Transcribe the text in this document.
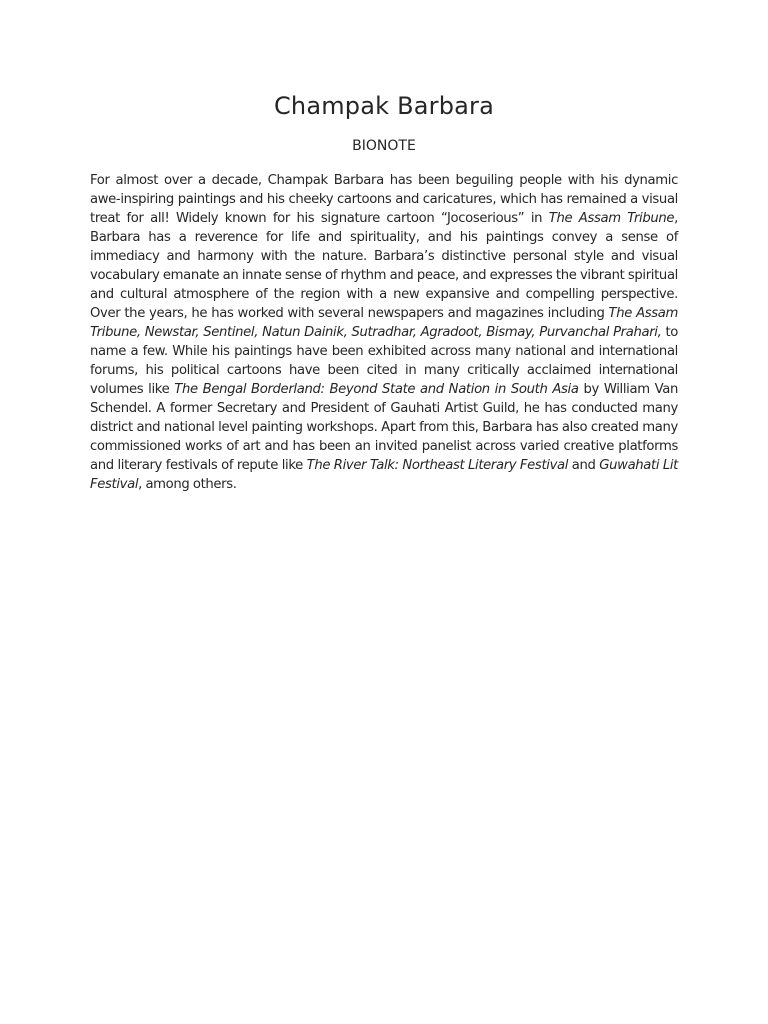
Champak Barbara
BIONOTE

For almost over a decade, Champak Barbara has been beguiling people with his dynamic awe-inspiring paintings and his cheeky cartoons and caricatures, which has remained a visual treat for all! Widely known for his signature cartoon “Jocoserious” in The Assam Tribune, Barbara has a reverence for life and spirituality, and his paintings convey a sense of immediacy and harmony with the nature. Barbara’s distinctive personal style and visual vocabulary emanate an innate sense of rhythm and peace, and expresses the vibrant spiritual and cultural atmosphere of the region with a new expansive and compelling perspective. Over the years, he has worked with several newspapers and magazines including The Assam Tribune, Newstar, Sentinel, Natun Dainik, Sutradhar, Agradoot, Bismay, Purvanchal Prahari, to name a few. While his paintings have been exhibited across many national and international forums, his political cartoons have been cited in many critically acclaimed international volumes like The Bengal Borderland: Beyond State and Nation in South Asia by William Van Schendel. A former Secretary and President of Gauhati Artist Guild, he has conducted many district and national level painting workshops. Apart from this, Barbara has also created many commissioned works of art and has been an invited panelist across varied creative platforms and literary festivals of repute like The River Talk: Northeast Literary Festival and Guwahati Lit Festival, among others.
